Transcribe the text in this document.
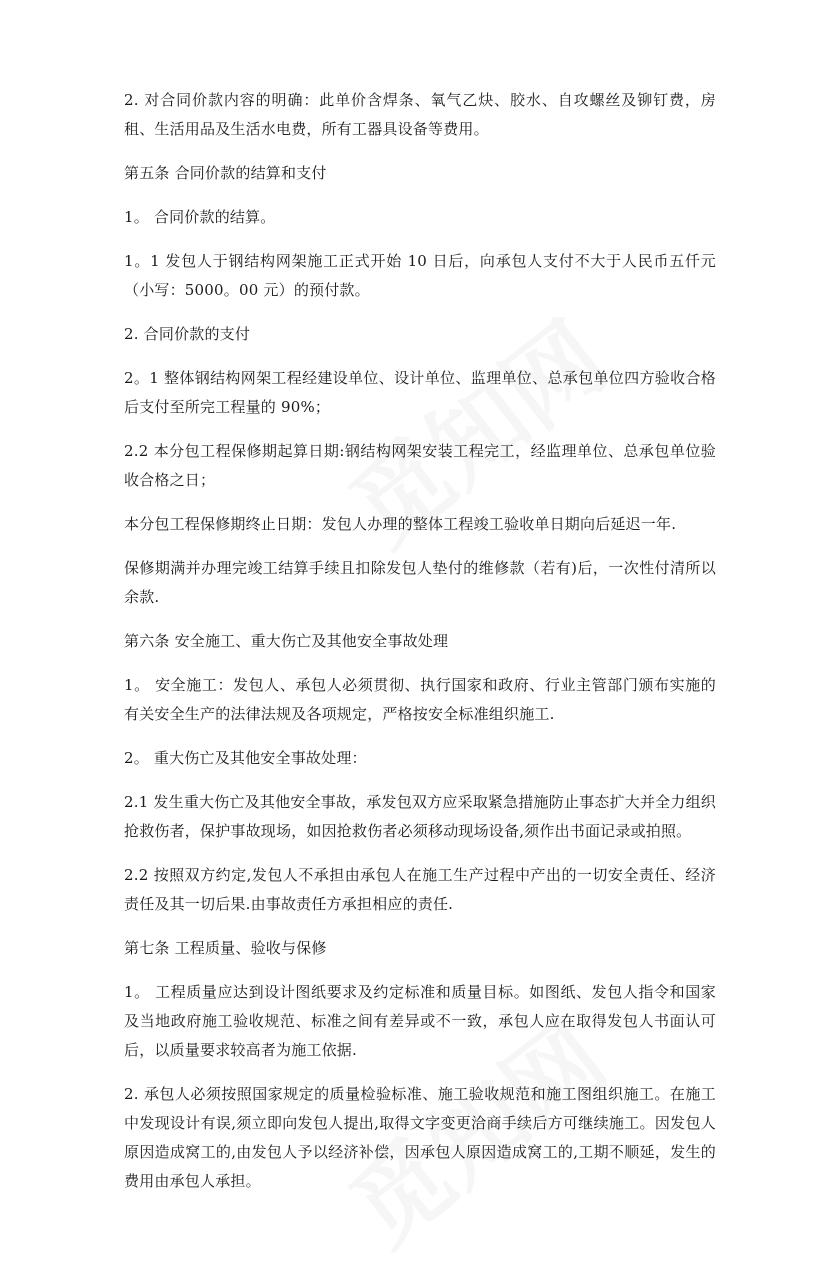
2. 对合同价款内容的明确：此单价含焊条、氧气乙炔、胶水、自攻螺丝及铆钉费，房租、生活用品及生活水电费，所有工器具设备等费用。

第五条 合同价款的结算和支付

1。 合同价款的结算。

1。1 发包人于钢结构网架施工正式开始 10 日后，向承包人支付不大于人民币五仟元（小写：5000。00 元）的预付款。

2. 合同价款的支付

2。1 整体钢结构网架工程经建设单位、设计单位、监理单位、总承包单位四方验收合格后支付至所完工程量的 90%；

2.2 本分包工程保修期起算日期:钢结构网架安装工程完工，经监理单位、总承包单位验收合格之日；

本分包工程保修期终止日期：发包人办理的整体工程竣工验收单日期向后延迟一年.

保修期满并办理完竣工结算手续且扣除发包人垫付的维修款（若有)后，一次性付清所以余款.

第六条 安全施工、重大伤亡及其他安全事故处理

1。 安全施工：发包人、承包人必须贯彻、执行国家和政府、行业主管部门颁布实施的有关安全生产的法律法规及各项规定，严格按安全标准组织施工.

2。 重大伤亡及其他安全事故处理：

2.1 发生重大伤亡及其他安全事故，承发包双方应采取紧急措施防止事态扩大并全力组织抢救伤者，保护事故现场，如因抢救伤者必须移动现场设备,须作出书面记录或拍照。

2.2 按照双方约定,发包人不承担由承包人在施工生产过程中产出的一切安全责任、经济责任及其一切后果.由事故责任方承担相应的责任.

第七条 工程质量、验收与保修

1。 工程质量应达到设计图纸要求及约定标准和质量目标。如图纸、发包人指令和国家及当地政府施工验收规范、标准之间有差异或不一致，承包人应在取得发包人书面认可后，以质量要求较高者为施工依据.

2. 承包人必须按照国家规定的质量检验标准、施工验收规范和施工图组织施工。在施工中发现设计有误,须立即向发包人提出,取得文字变更洽商手续后方可继续施工。因发包人原因造成窝工的,由发包人予以经济补偿，因承包人原因造成窝工的,工期不顺延，发生的费用由承包人承担。
